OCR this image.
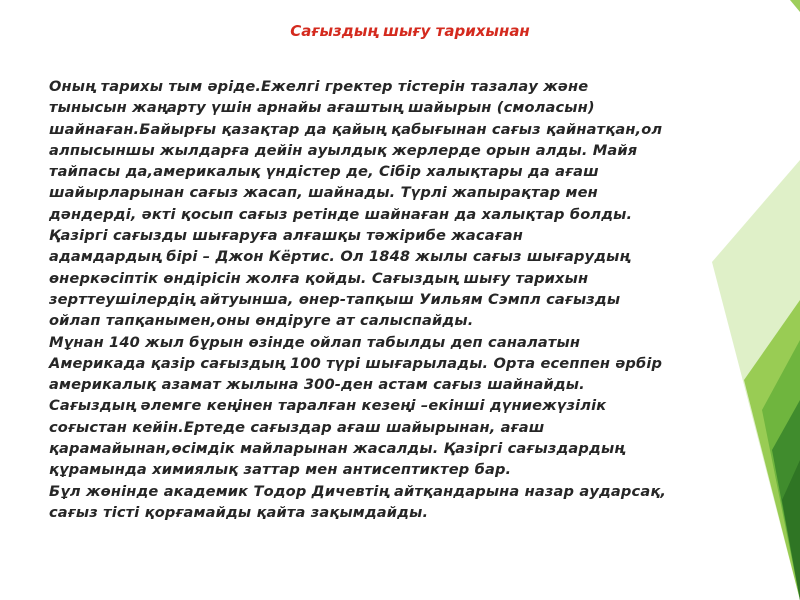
Сағыздың шығу тарихынан
Оның тарихы тым әріде.Ежелгі гректер тістерін тазалау және
тынысын жаңарту үшін арнайы ағаштың шайырын (смоласын)
шайнаған.Байырғы қазақтар да қайың қабығынан сағыз қайнатқан,ол
алпысыншы жылдарға дейін ауылдық жерлерде орын алды. Майя
тайпасы да,америкалық үндістер де, Сібір халықтары да ағаш
шайырларынан сағыз жасап, шайнады. Түрлі жапырақтар мен
дәндерді, әкті қосып сағыз ретінде шайнаған да халықтар болды.
Қазіргі сағызды шығаруға алғашқы тәжірибе жасаған
адамдардың бірі – Джон Кёртис. Ол 1848 жылы сағыз шығарудың
өнеркәсіптік өндірісін жолға қойды. Сағыздың шығу тарихын
зерттеушілердің айтуынша, өнер-тапқыш Уильям Сэмпл сағызды
ойлап тапқанымен,оны өндіруге ат салыспайды.
Мұнан 140 жыл бұрын өзінде ойлап табылды деп саналатын
Америкада қазір сағыздың 100 түрі шығарылады. Орта есеппен әрбір
америкалық азамат жылына 300-ден астам сағыз шайнайды.
Сағыздың әлемге кеңінен таралған кезеңі –екінші дүниежүзілік
соғыстан кейін.Ертеде сағыздар ағаш шайырынан, ағаш
қарамайынан,өсімдік майларынан жасалды. Қазіргі сағыздардың
құрамында химиялық заттар мен антисептиктер бар.
Бұл жөнінде академик Тодор Дичевтің айтқандарына назар аударсақ,
сағыз тісті қорғамайды қайта зақымдайды.
